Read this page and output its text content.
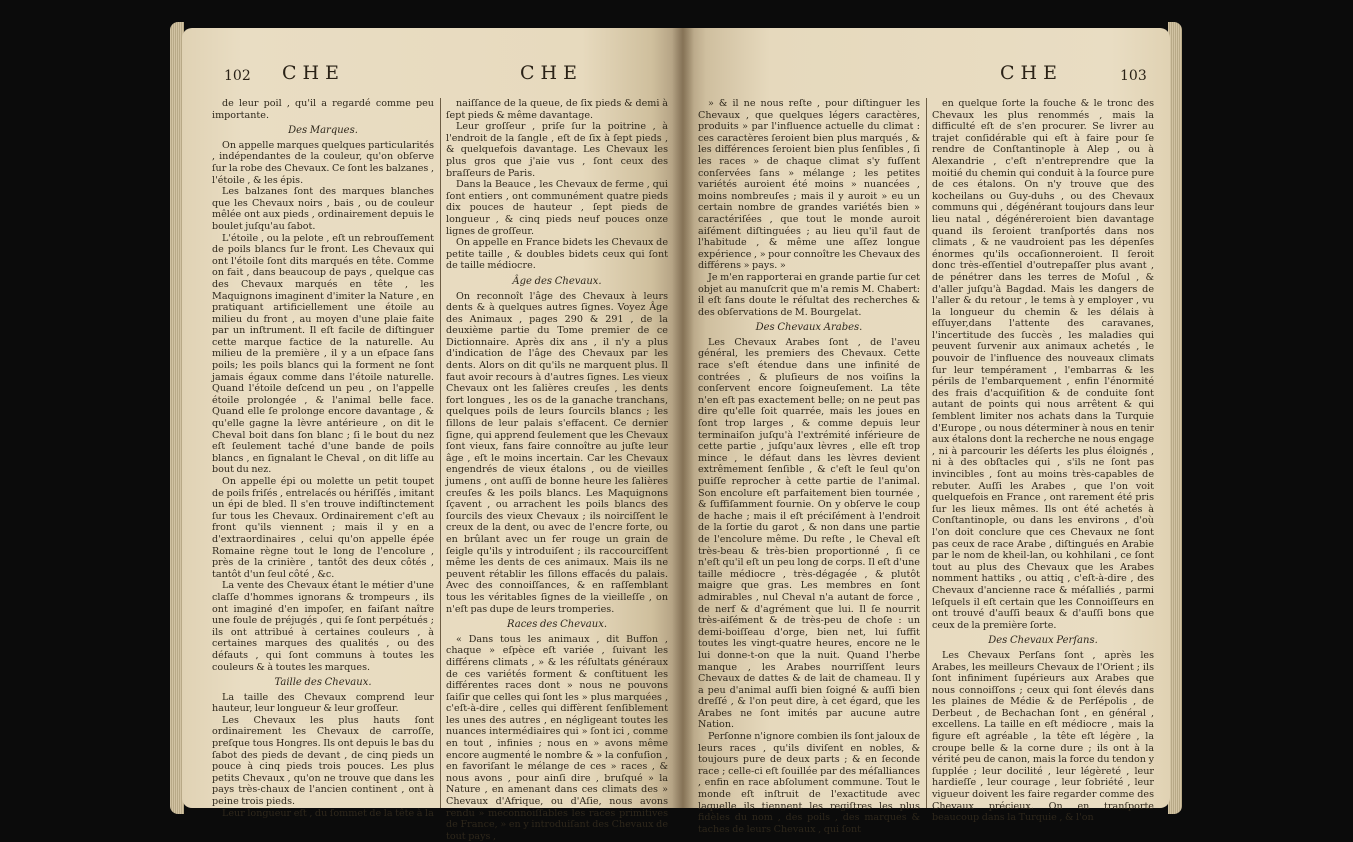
102 CHE	CHE

de leur poil , qu'il a regardé comme peu importante.

Des Marques.

On appelle marques quelques particularités , indépendantes de la couleur, qu'on obſerve ſur la robe des Chevaux. Ce ſont les balzanes , l'étoile , & les épis.

Les balzanes ſont des marques blanches que les Chevaux noirs , bais , ou de couleur mêlée ont aux pieds , ordinairement depuis le boulet juſqu'au ſabot.

L'étoile , ou la pelote , eſt un rebrouſſement de poils blancs ſur le front. Les Chevaux qui ont l'étoile ſont dits marqués en tête. Comme on fait , dans beaucoup de pays , quelque cas des Chevaux marqués en tête , les Maquignons imaginent d'imiter la Nature , en pratiquant artificiellement une étoile au milieu du front , au moyen d'une plaie faite par un inſtrument. Il eſt facile de diſtinguer cette marque factice de la naturelle. Au milieu de la première , il y a un eſpace ſans poils; les poils blancs qui la forment ne ſont jamais égaux comme dans l'étoile naturelle. Quand l'étoile deſcend un peu , on l'appelle étoile prolongée , & l'animal belle face. Quand elle ſe prolonge encore davantage , & qu'elle gagne la lèvre antérieure , on dit le Cheval boit dans ſon blanc ; ſi le bout du nez eſt ſeulement taché d'une bande de poils blancs , en ſignalant le Cheval , on dit liſſe au bout du nez.

On appelle épi ou molette un petit toupet de poils friſés , entrelacés ou hériſſés , imitant un épi de bled. Il s'en trouve indiſtinctement ſur tous les Chevaux. Ordinairement c'eſt au front qu'ils viennent ; mais il y en a d'extraordinaires , celui qu'on appelle épée Romaine règne tout le long de l'encolure , près de la crinière , tantôt des deux côtés , tantôt d'un ſeul côté , &c.

La vente des Chevaux étant le métier d'une claſſe d'hommes ignorans & trompeurs , ils ont imaginé d'en impoſer, en faiſant naître une foule de préjugés , qui ſe ſont perpétués ; ils ont attribué à certaines couleurs , à certaines marques des qualités , ou des défauts , qui ſont communs à toutes les couleurs & à toutes les marques.

Taille des Chevaux.

La taille des Chevaux comprend leur hauteur, leur longueur & leur groſſeur.

Les Chevaux les plus hauts ſont ordinairement les Chevaux de carroſſe, preſque tous Hongres. Ils ont depuis le bas du ſabot des pieds de devant , de cinq pieds un pouce à cinq pieds trois pouces. Les plus petits Chevaux , qu'on ne trouve que dans les pays très-chaux de l'ancien continent , ont à peine trois pieds.

Leur longueur eſt , du ſommet de la tête à la

naiſſance de la queue, de ſix pieds & demi à ſept pieds & même davantage.

Leur groſſeur , priſe ſur la poitrine , à l'endroit de la ſangle , eſt de ſix à ſept pieds , & quelquefois davantage. Les Chevaux les plus gros que j'aie vus , ſont ceux des braſſeurs de Paris.

Dans la Beauce , les Chevaux de ferme , qui ſont entiers , ont communément quatre pieds dix pouces de hauteur , ſept pieds de longueur , & cinq pieds neuf pouces onze lignes de groſſeur.

On appelle en France bidets les Chevaux de petite taille , & doubles bidets ceux qui ſont de taille médiocre.

Âge des Chevaux.

On reconnoît l'âge des Chevaux à leurs dents & à quelques autres ſignes. Voyez Âge des Animaux , pages 290 & 291 , de la deuxième partie du Tome premier de ce Dictionnaire. Après dix ans , il n'y a plus d'indication de l'âge des Chevaux par les dents. Alors on dit qu'ils ne marquent plus. Il faut avoir recours à d'autres ſignes. Les vieux Chevaux ont les ſalières creuſes , les dents fort longues , les os de la ganache tranchans, quelques poils de leurs ſourcils blancs ; les ſillons de leur palais s'effacent. Ce dernier ſigne, qui apprend ſeulement que les Chevaux ſont vieux, fans faire connoître au juſte leur âge , eſt le moins incertain. Car les Chevaux engendrés de vieux étalons , ou de vieilles jumens , ont auſſi de bonne heure les ſalières creuſes & les poils blancs. Les Maquignons ſçavent , ou arrachent les poils blancs des ſourcils des vieux Chevaux ; ils noirciſſent le creux de la dent, ou avec de l'encre forte, ou en brûlant avec un fer rouge un grain de ſeigle qu'ils y introduiſent ; ils raccourciſſent même les dents de ces animaux. Mais ils ne peuvent rétablir les ſillons effacés du palais. Avec des connoiſſances, & en raſſemblant tous les véritables ſignes de la vieilleſſe , on n'eſt pas dupe de leurs tromperies.

Races des Chevaux.

« Dans tous les animaux , dit Buffon , chaque » eſpèce eſt variée , ſuivant les différens climats , » & les réſultats généraux de ces variétés forment & conſtituent les différentes races dont » nous ne pouvons ſaiſir que celles qui ſont les » plus marquées , c'eſt-à-dire , celles qui diffèrent ſenſiblement les unes des autres , en négligeant toutes les nuances intermédiaires qui » ſont ici , comme en tout , infinies ; nous en » avons même encore augmenté le nombre & » la confuſion , en favoriſant le mélange de ces » races , & nous avons , pour ainſi dire , bruſqué » la Nature , en amenant dans ces climats des » Chevaux d'Afrique, ou d'Aſie, nous avons rendu » méconnoiſſables les races primitives de France, » en y introduiſant des Chevaux de tout pays ,

CHE	103

» & il ne nous reſte , pour diſtinguer les Chevaux , que quelques légers caractères, produits » par l'influence actuelle du climat : ces caractères ſeroient bien plus marqués , & les différences ſeroient bien plus ſenſibles , ſi les races » de chaque climat s'y fuſſent conſervées ſans » mélange ; les petites variétés auroient été moins » nuancées , moins nombreuſes ; mais il y auroit » eu un certain nombre de grandes variétés bien » caractériſées , que tout le monde auroit aiſément diſtinguées ; au lieu qu'il faut de l'habitude , & même une aſſez longue expérience , » pour connoître les Chevaux des différens » pays. »

Je m'en rapporterai en grande partie ſur cet objet au manuſcrit que m'a remis M. Chabert: il eſt ſans doute le réſultat des recherches & des obſervations de M. Bourgelat.

Des Chevaux Arabes.

Les Chevaux Arabes ſont , de l'aveu général, les premiers des Chevaux. Cette race s'eſt étendue dans une infinité de contrées , & pluſieurs de nos voiſins la conſervent encore ſoigneuſement. La tête n'en eſt pas exactement belle; on ne peut pas dire qu'elle ſoit quarrée, mais les joues en ſont trop larges , & comme depuis leur terminaiſon juſqu'à l'extrémité inférieure de cette partie , juſqu'aux lèvres , elle eſt trop mince , le défaut dans les lèvres devient extrêmement ſenſible , & c'eſt le ſeul qu'on puiſſe reprocher à cette partie de l'animal. Son encolure eſt parfaitement bien tournée , & ſuffiſamment fournie. On y obſerve le coup de hache ; mais il eſt préciſément à l'endroit de la ſortie du garot , & non dans une partie de l'encolure même. Du reſte , le Cheval eſt très-beau & très-bien proportionné , ſi ce n'eſt qu'il eſt un peu long de corps. Il eſt d'une taille médiocre , très-dégagée , & plutôt maigre que gras. Les membres en ſont admirables , nul Cheval n'a autant de force , de nerf & d'agrément que lui. Il ſe nourrit très-aiſément & de très-peu de choſe : un demi-boiſſeau d'orge, bien net, lui ſuffit toutes les vingt-quatre heures, encore ne le lui donne-t-on que la nuit. Quand l'herbe manque , les Arabes nourriſſent leurs Chevaux de dattes & de lait de chameau. Il y a peu d'animal auſſi bien ſoigné & auſſi bien dreſſé , & l'on peut dire, à cet égard, que les Arabes ne ſont imités par aucune autre Nation.

Perſonne n'ignore combien ils ſont jaloux de leurs races , qu'ils diviſent en nobles, & toujours pure de deux parts ; & en ſeconde race ; celle-ci eſt ſouillée par des méſalliances , enfin en race abſolument commune. Tout le monde eſt inſtruit de l'exactitude avec laquelle ils tiennent les regiſtres les plus fidèles du nom , des poils , des marques & taches de leurs Chevaux , qui ſont

en quelque ſorte la fouche & le tronc des Chevaux les plus renommés , mais la difficulté eſt de s'en procurer. Se livrer au trajet conſidérable qui eſt à faire pour ſe rendre de Conſtantinople à Alep , ou à Alexandrie , c'eſt n'entreprendre que la moitié du chemin qui conduit à la ſource pure de ces étalons. On n'y trouve que des kocheilans ou Guy-duhs , ou des Chevaux communs qui , dégénérant toujours dans leur lieu natal , dégénéreroient bien davantage quand ils ſeroient tranſportés dans nos climats , & ne vaudroient pas les dépenſes énormes qu'ils occaſionneroient. Il ſeroit donc très-eſſentiel d'outrepaſſer plus avant , de pénétrer dans les terres de Moſul , & d'aller juſqu'à Bagdad. Mais les dangers de l'aller & du retour , le tems à y employer , vu la longueur du chemin & les délais à eſſuyer,dans l'attente des caravanes, l'incertitude des ſuccès , les maladies qui peuvent ſurvenir aux animaux achetés , le pouvoir de l'influence des nouveaux climats ſur leur tempérament , l'embarras & les périls de l'embarquement , enfin l'énormité des frais d'acquiſition & de conduite ſont autant de points qui nous arrêtent & qui ſemblent limiter nos achats dans la Turquie d'Europe , ou nous déterminer à nous en tenir aux étalons dont la recherche ne nous engage , ni à parcourir les déſerts les plus éloignés , ni à des obſtacles qui , s'ils ne ſont pas invincibles , ſont au moins très-capables de rebuter. Auſſi les Arabes , que l'on voit quelquefois en France , ont rarement été pris ſur les lieux mêmes. Ils ont été achetés à Conſtantinople, ou dans les environs , d'où l'on doit conclure que ces Chevaux ne ſont pas ceux de race Arabe , diſtingués en Arabie par le nom de kheil-lan, ou kohhilani , ce ſont tout au plus des Chevaux que les Arabes nomment hattiks , ou attiq , c'eſt-à-dire , des Chevaux d'ancienne race & méſalliés , parmi leſquels il eſt certain que les Connoiſſeurs en ont trouvé d'auſſi beaux & d'auſſi bons que ceux de la première ſorte.

Des Chevaux Perſans.

Les Chevaux Perſans ſont , après les Arabes, les meilleurs Chevaux de l'Orient ; ils ſont infiniment ſupérieurs aux Arabes que nous connoiſſons ; ceux qui ſont élevés dans les plaines de Médie & de Perſépolis , de Derbeut , de Bechachan ſont , en général , excellens. La taille en eſt médiocre , mais la figure eſt agréable , la tête eſt légère , la croupe belle & la corne dure ; ils ont à la vérité peu de canon, mais la force du tendon y ſupplée ; leur docilité , leur légèreté , leur hardieſſe , leur courage , leur ſobriété , leur vigueur doivent les faire regarder comme des Chevaux précieux. On en tranſporte beaucoup dans la Turquie , & l'on
